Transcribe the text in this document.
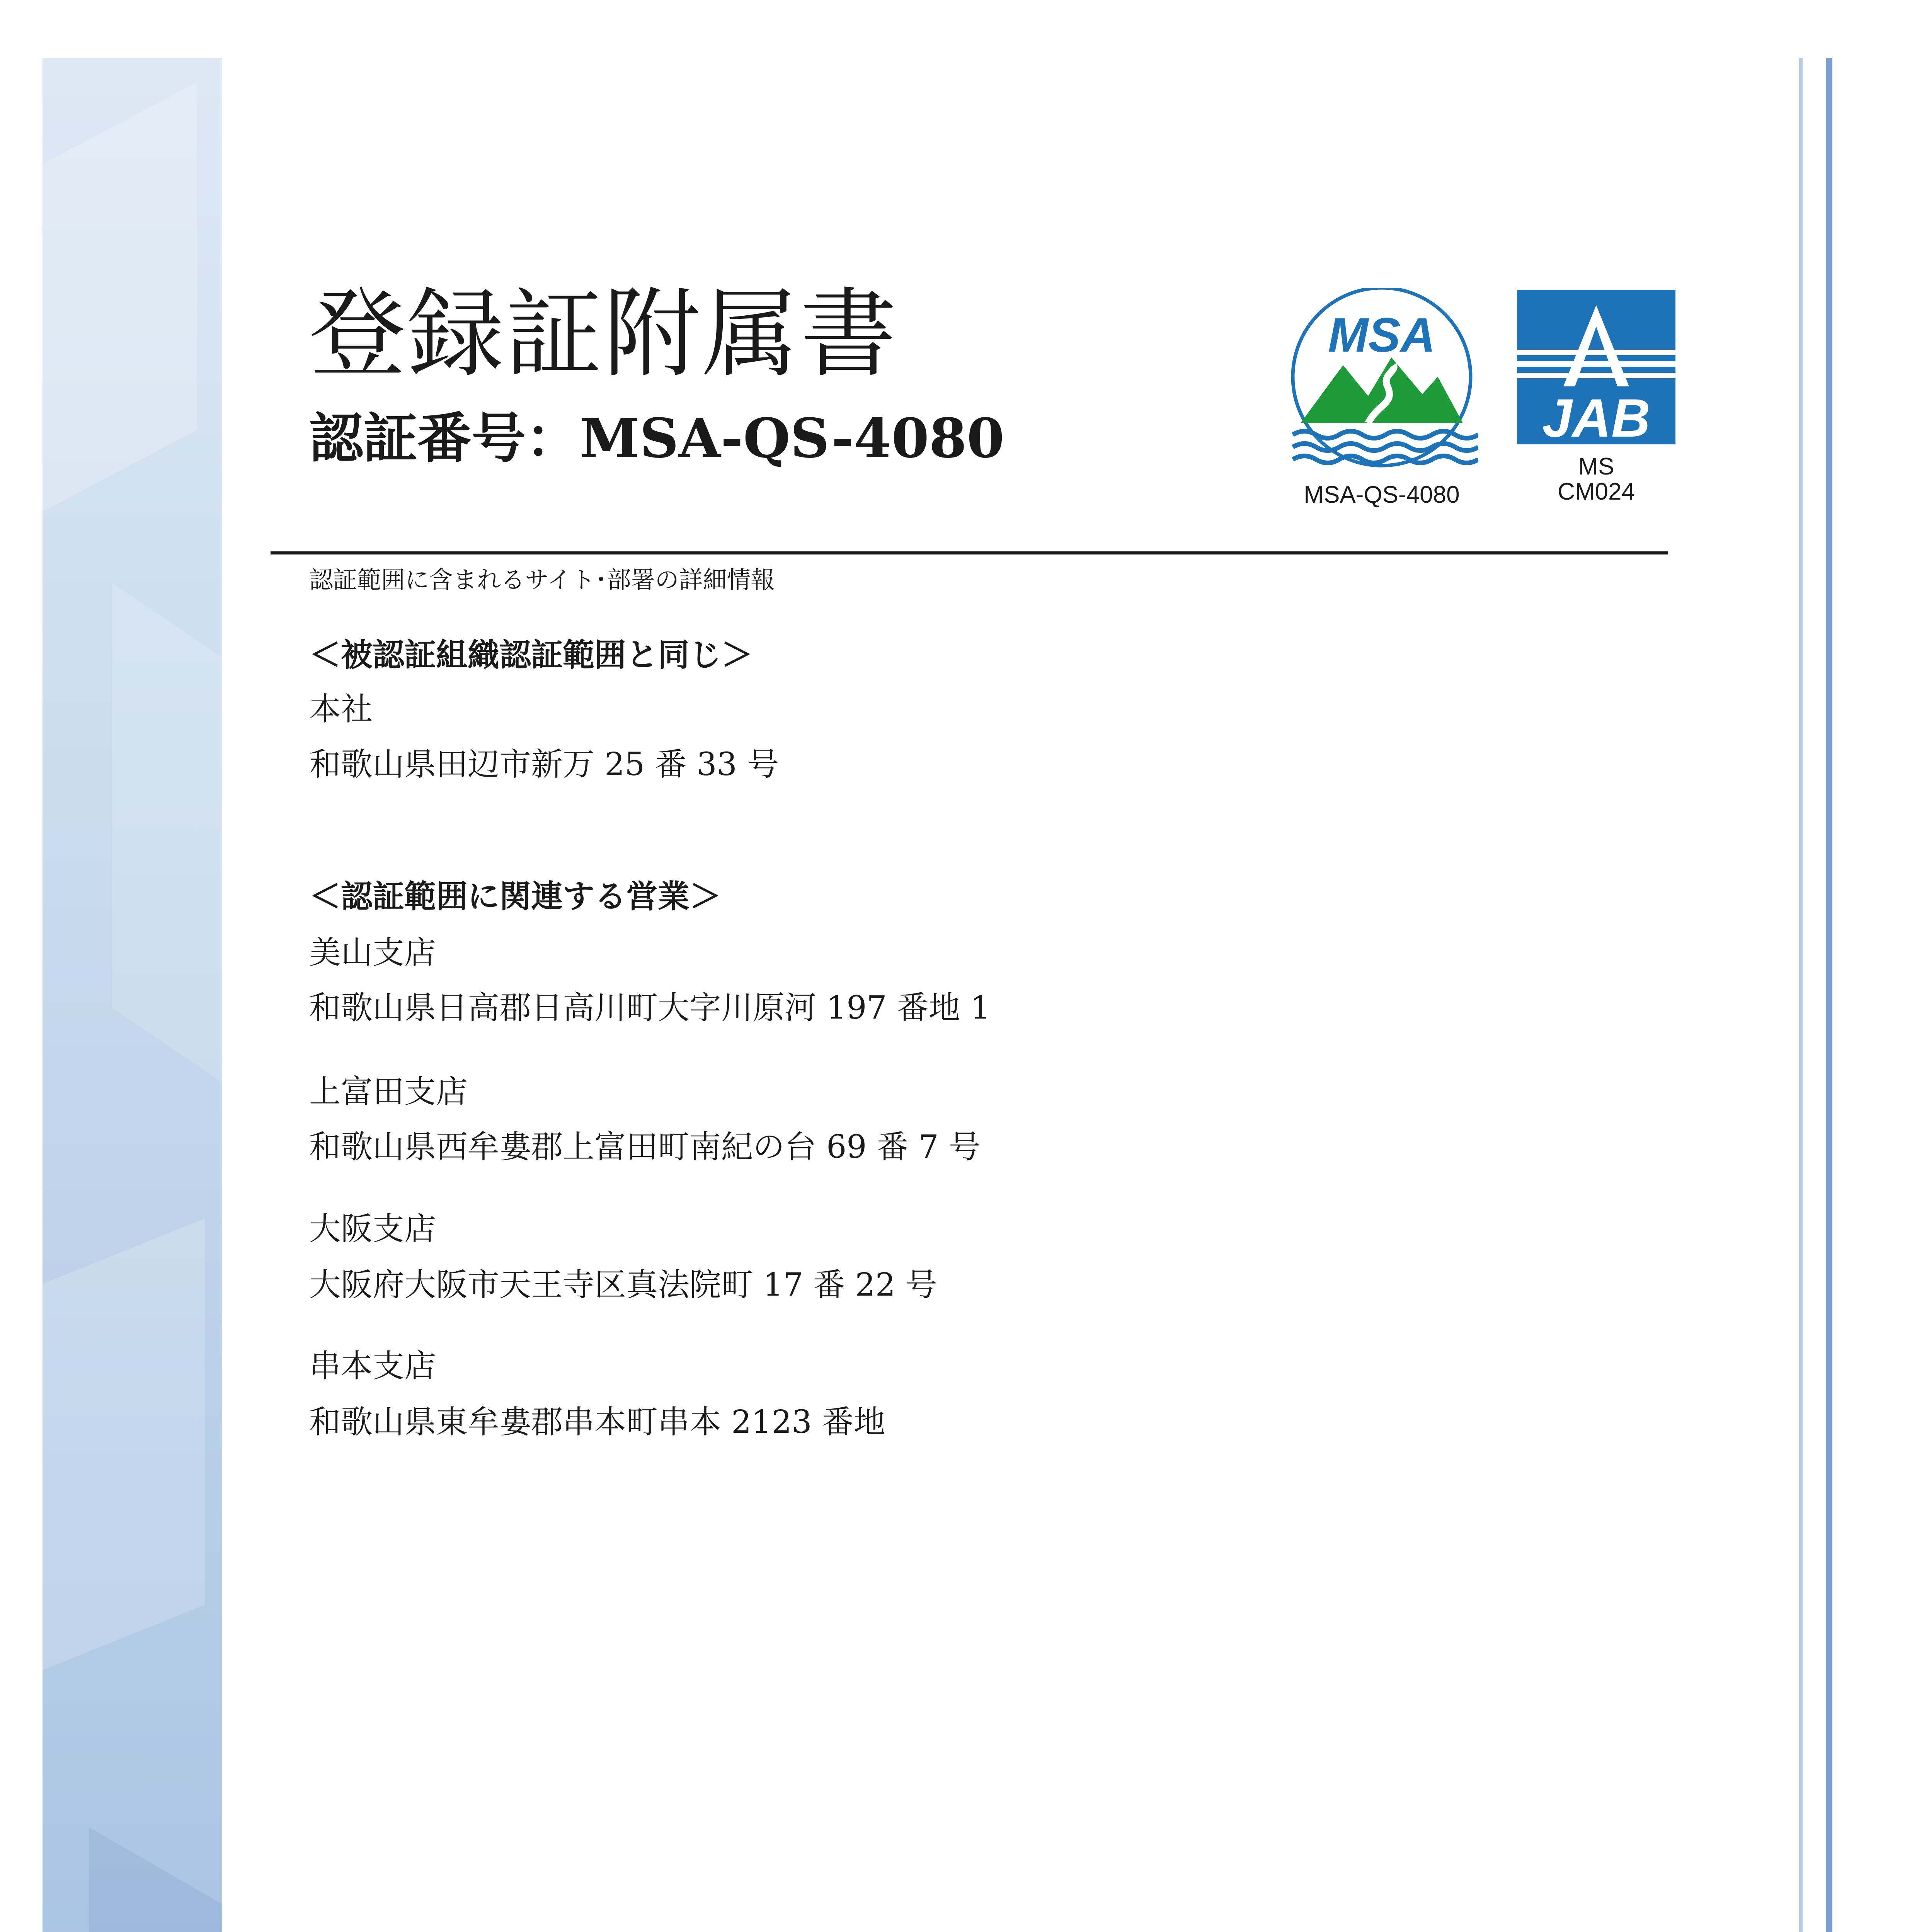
登録証附属書
認証番号：MSA-QS-4080
MSA
MSA-QS-4080
JAB
MS
CM024
認証範囲に含まれるサイト･部署の詳細情報
＜被認証組織認証範囲と同じ＞
本社
和歌山県田辺市新万 25 番 33 号
＜認証範囲に関連する営業＞
美山支店
和歌山県日高郡日高川町大字川原河 197 番地 1
上富田支店
和歌山県西牟婁郡上富田町南紀の台 69 番 7 号
大阪支店
大阪府大阪市天王寺区真法院町 17 番 22 号
串本支店
和歌山県東牟婁郡串本町串本 2123 番地
